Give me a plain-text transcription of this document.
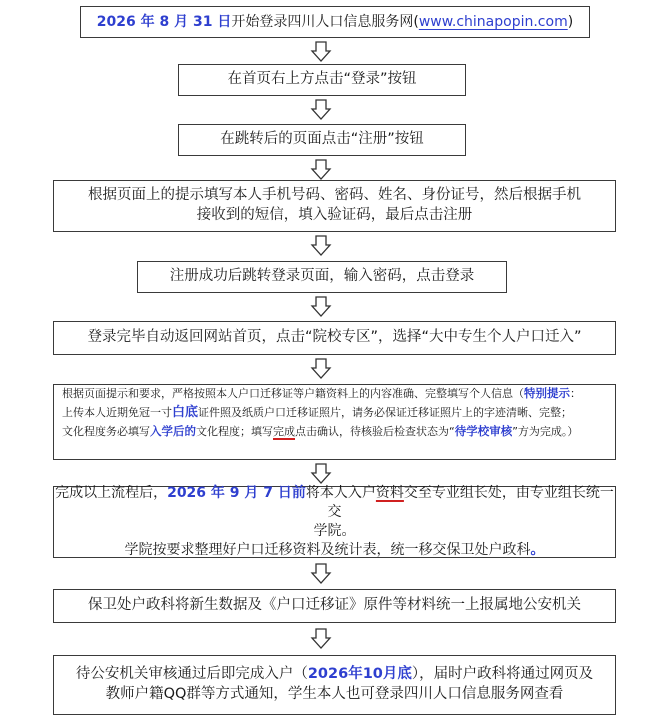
2026 年 8 月 31 日开始登录四川人口信息服务网(www.chinapopin.com)
在首页右上方点击“登录”按钮
在跳转后的页面点击“注册”按钮
根据页面上的提示填写本人手机号码、密码、姓名、身份证号，然后根据手机
接收到的短信，填入验证码，最后点击注册
注册成功后跳转登录页面，输入密码，点击登录
登录完毕自动返回网站首页，点击“院校专区”，选择“大中专生个人户口迁入”
根据页面提示和要求，严格按照本人户口迁移证等户籍资料上的内容准确、完整填写个人信息（特别提示：
上传本人近期免冠一寸白底证件照及纸质户口迁移证照片，请务必保证迁移证照片上的字迹清晰、完整；
文化程度务必填写入学后的文化程度；填写完成点击确认，待核验后检查状态为“待学校审核”方为完成。）
完成以上流程后，2026 年 9 月 7 日前将本人入户资料交至专业组长处，由专业组长统一交
学院。
学院按要求整理好户口迁移资料及统计表，统一移交保卫处户政科。
保卫处户政科将新生数据及《户口迁移证》原件等材料统一上报属地公安机关
待公安机关审核通过后即完成入户（2026年10月底），届时户政科将通过网页及
教师户籍QQ群等方式通知，学生本人也可登录四川人口信息服务网查看
